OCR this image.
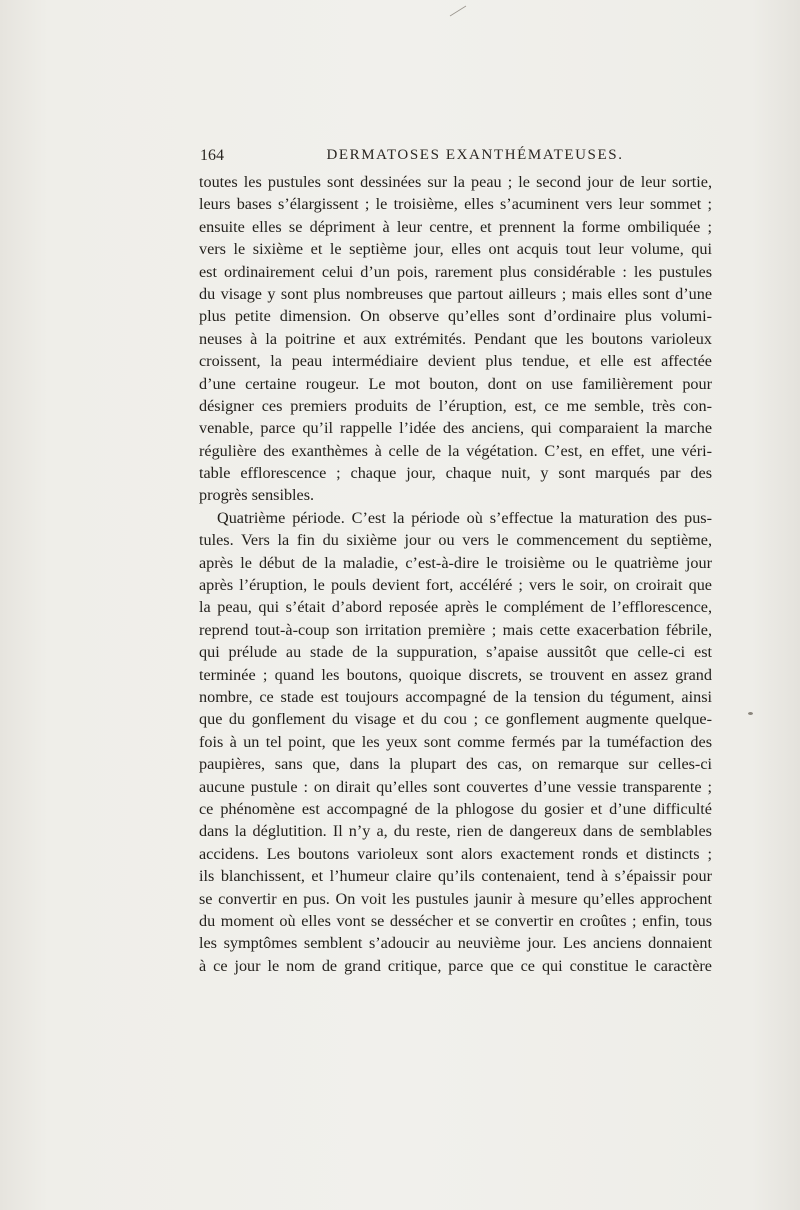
164	DERMATOSES EXANTHÉMATEUSES.
toutes les pustules sont dessinées sur la peau ; le second jour de leur sortie,
leurs bases s’élargissent ; le troisième, elles s’acuminent vers leur sommet ;
ensuite elles se dépriment à leur centre, et prennent la forme ombiliquée ;
vers le sixième et le septième jour, elles ont acquis tout leur volume, qui
est ordinairement celui d’un pois, rarement plus considérable : les pustules
du visage y sont plus nombreuses que partout ailleurs ; mais elles sont d’une
plus petite dimension. On observe qu’elles sont d’ordinaire plus volumi-
neuses à la poitrine et aux extrémités. Pendant que les boutons varioleux
croissent, la peau intermédiaire devient plus tendue, et elle est affectée
d’une certaine rougeur. Le mot bouton, dont on use familièrement pour
désigner ces premiers produits de l’éruption, est, ce me semble, très con-
venable, parce qu’il rappelle l’idée des anciens, qui comparaient la marche
régulière des exanthèmes à celle de la végétation. C’est, en effet, une véri-
table efflorescence ; chaque jour, chaque nuit, y sont marqués par des
progrès sensibles.
Quatrième période. C’est la période où s’effectue la maturation des pus-
tules. Vers la fin du sixième jour ou vers le commencement du septième,
après le début de la maladie, c’est-à-dire le troisième ou le quatrième jour
après l’éruption, le pouls devient fort, accéléré ; vers le soir, on croirait que
la peau, qui s’était d’abord reposée après le complément de l’efflorescence,
reprend tout-à-coup son irritation première ; mais cette exacerbation fébrile,
qui prélude au stade de la suppuration, s’apaise aussitôt que celle-ci est
terminée ; quand les boutons, quoique discrets, se trouvent en assez grand
nombre, ce stade est toujours accompagné de la tension du tégument, ainsi
que du gonflement du visage et du cou ; ce gonflement augmente quelque-
fois à un tel point, que les yeux sont comme fermés par la tuméfaction des
paupières, sans que, dans la plupart des cas, on remarque sur celles-ci
aucune pustule : on dirait qu’elles sont couvertes d’une vessie transparente ;
ce phénomène est accompagné de la phlogose du gosier et d’une difficulté
dans la déglutition. Il n’y a, du reste, rien de dangereux dans de semblables
accidens. Les boutons varioleux sont alors exactement ronds et distincts ;
ils blanchissent, et l’humeur claire qu’ils contenaient, tend à s’épaissir pour
se convertir en pus. On voit les pustules jaunir à mesure qu’elles approchent
du moment où elles vont se dessécher et se convertir en croûtes ; enfin, tous
les symptômes semblent s’adoucir au neuvième jour. Les anciens donnaient
à ce jour le nom de grand critique, parce que ce qui constitue le caractère
